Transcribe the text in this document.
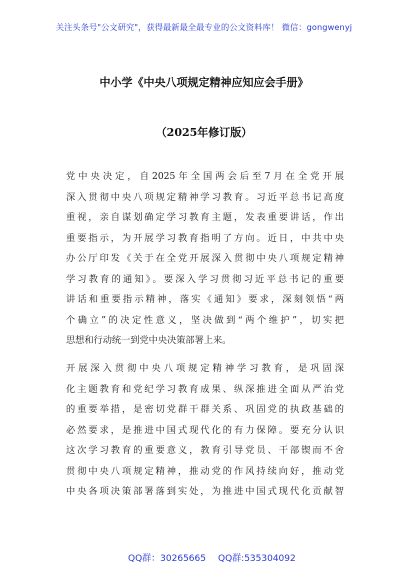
关注头条号"公文研究"，获得最新最全最专业的公文资料库！ 微信：gongwenyj
中小学《中央八项规定精神应知应会手册》
（2025年修订版）
党中央决定，自2025年全国两会后至7月在全党开展
深入贯彻中央八项规定精神学习教育。习近平总书记高度
重视，亲自谋划确定学习教育主题，发表重要讲话，作出
重要指示，为开展学习教育指明了方向。近日，中共中央
办公厅印发《关于在全党开展深入贯彻中央八项规定精神
学习教育的通知》。要深入学习贯彻习近平总书记的重要
讲话和重要指示精神，落实《通知》要求，深刻领悟“两
个确立”的决定性意义，坚决做到“两个维护”，切实把
思想和行动统一到党中央决策部署上来。
开展深入贯彻中央八项规定精神学习教育，是巩固深
化主题教育和党纪学习教育成果、纵深推进全面从严治党
的重要举措，是密切党群干群关系、巩固党的执政基础的
必然要求，是推进中国式现代化的有力保障。要充分认识
这次学习教育的重要意义，教育引导党员、干部锲而不舍
贯彻中央八项规定精神，推动党的作风持续向好，推动党
中央各项决策部署落到实处，为推进中国式现代化贡献智
QQ群：30265665 QQ群:535304092
